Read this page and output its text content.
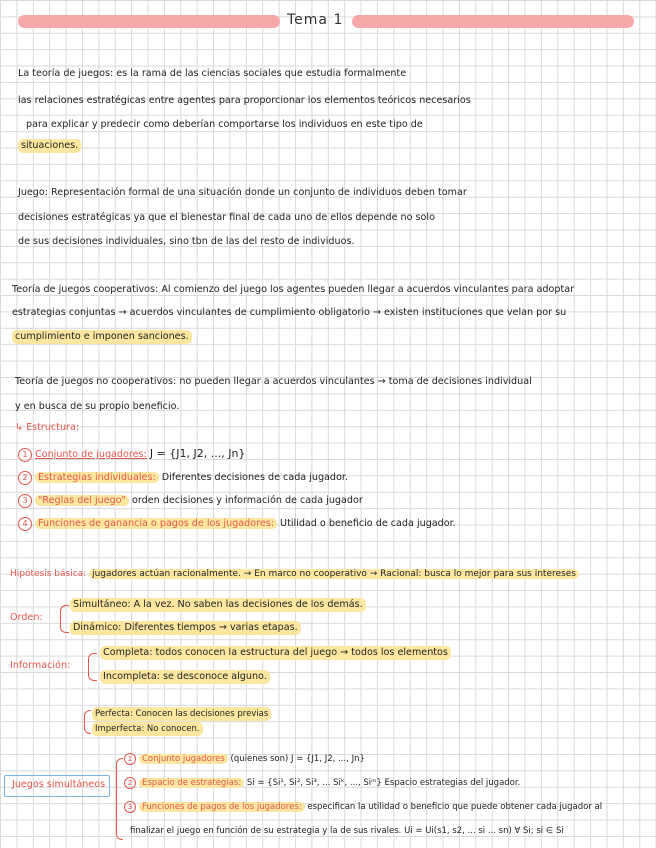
Tema 1
La teoría de juegos: es la rama de las ciencias sociales que estudia formalmente
las relaciones estratégicas entre agentes para proporcionar los elementos teóricos necesarios
para explicar y predecir como deberían comportarse los individuos en este tipo de
situaciones.
Juego: Representación formal de una situación donde un conjunto de individuos deben tomar
decisiones estratégicas ya que el bienestar final de cada uno de ellos depende no solo
de sus decisiones individuales, sino tbn de las del resto de individuos.
Teoría de juegos cooperativos: Al comienzo del juego los agentes pueden llegar a acuerdos vinculantes para adoptar
estrategias conjuntas → acuerdos vinculantes de cumplimiento obligatorio → existen instituciones que velan por su
cumplimiento e imponen sanciones.
Teoría de juegos no cooperativos: no pueden llegar a acuerdos vinculantes → toma de decisiones individual
y en busca de su propio beneficio.
↳ Estructura:
1 Conjunto de jugadores: J = {J1, J2, ..., Jn}
2 Estrategias individuales: Diferentes decisiones de cada jugador.
3 "Reglas del juego" orden decisiones y información de cada jugador
4 Funciones de ganancia o pagos de los jugadores: Utilidad o beneficio de cada jugador.
Hipótesis básica: jugadores actúan racionalmente. → En marco no cooperativo → Racional: busca lo mejor para sus intereses
Orden:
Simultáneo: A la vez. No saben las decisiones de los demás.
Dinámico: Diferentes tiempos → varias etapas.
Información:
Completa: todos conocen la estructura del juego → todos los elementos
Incompleta: se desconoce alguno.
Perfecta: Conocen las decisiones previas
Imperfecta: No conocen.
Juegos simultáneos
1 Conjunto jugadores (quienes son) J = {J1, J2, ..., Jn}
2 Espacio de estrategias: Si = {Si¹, Si², Si³, ... Siᵏ, ..., Siᵐ} Espacio estrategias del jugador.
3 Funciones de pagos de los jugadores: especifican la utilidad o beneficio que puede obtener cada jugador al
finalizar el juego en función de su estrategia y la de sus rivales. Ui = Ui(s1, s2, ... si ... sn) ∀ Si; si ∈ Si
